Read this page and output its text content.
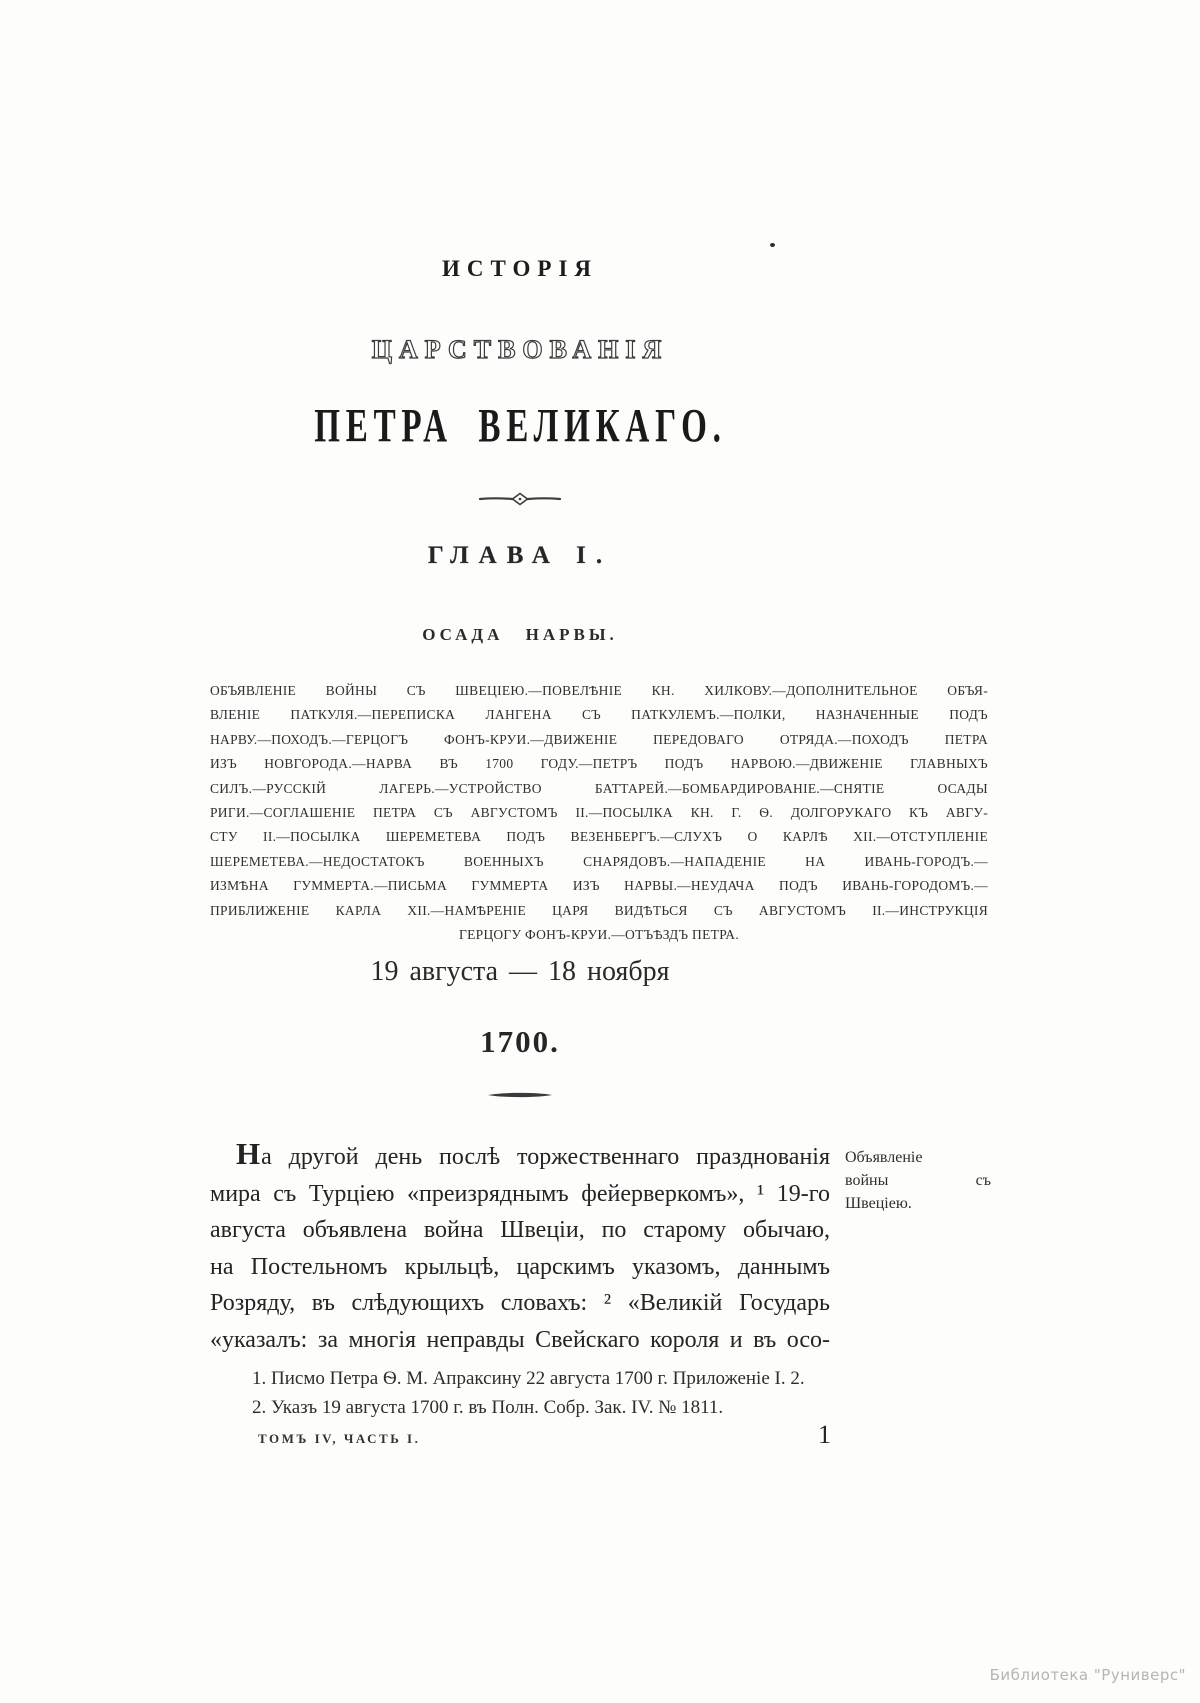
ИСТОРІЯ
ЦАРСТВОВАНІЯ
ПЕТРА ВЕЛИКАГО.
ГЛАВА I.
ОСАДА НАРВЫ.
ОБЪЯВЛЕНІЕ ВОЙНЫ СЪ ШВЕЦІЕЮ.—ПОВЕЛѢНІЕ КН. ХИЛКОВУ.—ДОПОЛНИТЕЛЬНОЕ ОБЪЯ-
ВЛЕНІЕ ПАТКУЛЯ.—ПЕРЕПИСКА ЛАНГЕНА СЪ ПАТКУЛЕМЪ.—ПОЛКИ, НАЗНАЧЕННЫЕ ПОДЪ
НАРВУ.—ПОХОДЪ.—ГЕРЦОГЪ ФОНЪ-КРУИ.—ДВИЖЕНІЕ ПЕРЕДОВАГО ОТРЯДА.—ПОХОДЪ ПЕТРА
ИЗЪ НОВГОРОДА.—НАРВА ВЪ 1700 ГОДУ.—ПЕТРЪ ПОДЪ НАРВОЮ.—ДВИЖЕНІЕ ГЛАВНЫХЪ
СИЛЪ.—РУССКІЙ ЛАГЕРЬ.—УСТРОЙСТВО БАТТАРЕЙ.—БОМБАРДИРОВАНІЕ.—СНЯТІЕ ОСАДЫ
РИГИ.—СОГЛАШЕНІЕ ПЕТРА СЪ АВГУСТОМЪ II.—ПОСЫЛКА КН. Г. Ѳ. ДОЛГОРУКАГО КЪ АВГУ-
СТУ II.—ПОСЫЛКА ШЕРЕМЕТЕВА ПОДЪ ВЕЗЕНБЕРГЪ.—СЛУХЪ О КАРЛѢ XII.—ОТСТУПЛЕНІЕ
ШЕРЕМЕТЕВА.—НЕДОСТАТОКЪ ВОЕННЫХЪ СНАРЯДОВЪ.—НАПАДЕНІЕ НА ИВАНЬ-ГОРОДЪ.—
ИЗМѢНА ГУММЕРТА.—ПИСЬМА ГУММЕРТА ИЗЪ НАРВЫ.—НЕУДАЧА ПОДЪ ИВАНЬ-ГОРОДОМЪ.—
ПРИБЛИЖЕНІЕ КАРЛА XII.—НАМѢРЕНІЕ ЦАРЯ ВИДѢТЬСЯ СЪ АВГУСТОМЪ II.—ИНСТРУКЦІЯ
ГЕРЦОГУ ФОНЪ-КРУИ.—ОТЪѢЗДЪ ПЕТРА.
19 августа — 18 ноября
1700.
На другой день послѣ торжественнаго празднованія
мира съ Турціею «преизряднымъ фейерверкомъ», ¹ 19-го
августа объявлена война Швеціи, по старому обычаю,
на Постельномъ крыльцѣ, царскимъ указомъ, даннымъ
Розряду, въ слѣдующихъ словахъ: ² «Великій Государь
«указалъ: за многія неправды Свейскаго короля и въ осо-
Объявленіе
войны съ
Швеціею.
1. Писмо Петра Ѳ. М. Апраксину 22 августа 1700 г. Приложеніе I. 2.
2. Указъ 19 августа 1700 г. въ Полн. Собр. Зак. IV. № 1811.
ТОМЪ IV, ЧАСТЬ I.	1
Библиотека "Руниверс"
